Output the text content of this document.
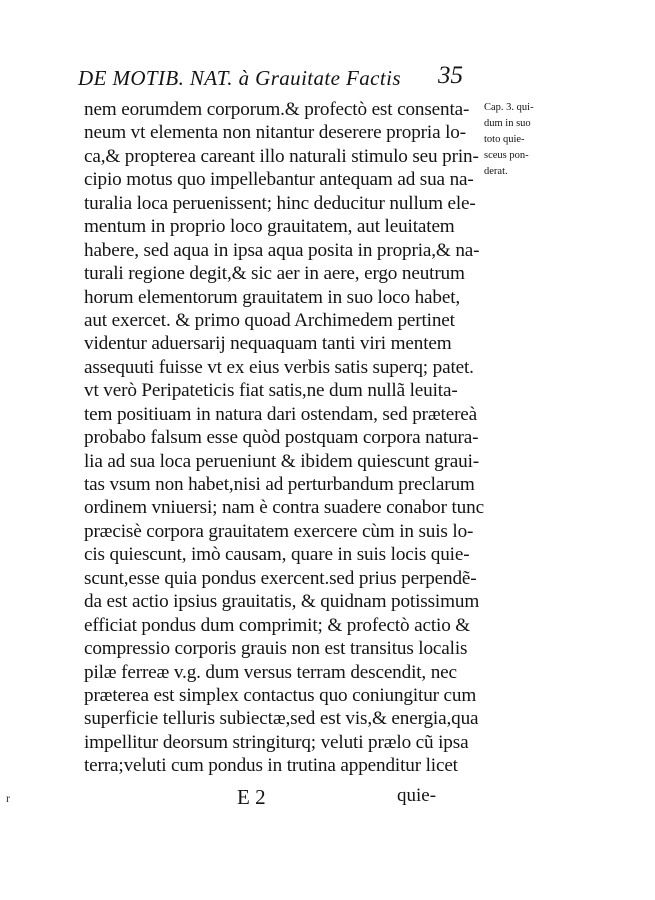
DE MOTIB. NAT. à Grauitate Factis 35
Cap. 3. qui-
dum in suo
toto quie-
sceus pon-
derat.
nem eorumdem corporum.& profectò est consenta-
neum vt elementa non nitantur deserere propria lo-
ca,& propterea careant illo naturali stimulo seu prin-
cipio motus quo impellebantur antequam ad sua na-
turalia loca peruenissent; hinc deducitur nullum ele-
mentum in proprio loco grauitatem, aut leuitatem
habere, sed aqua in ipsa aqua posita in propria,& na-
turali regione degit,& sic aer in aere, ergo neutrum
horum elementorum grauitatem in suo loco habet,
aut exercet. & primo quoad Archimedem pertinet
videntur aduersarij nequaquam tanti viri mentem
assequuti fuisse vt ex eius verbis satis superq; patet.
vt verò Peripateticis fiat satis,ne dum nullã leuita-
tem positiuam in natura dari ostendam, sed prætereà
probabo falsum esse quòd postquam corpora natura-
lia ad sua loca perueniunt & ibidem quiescunt graui-
tas vsum non habet,nisi ad perturbandum preclarum
ordinem vniuersi; nam è contra suadere conabor tunc
præcisè corpora grauitatem exercere cùm in suis lo-
cis quiescunt, imò causam, quare in suis locis quie-
scunt,esse quia pondus exercent.sed prius perpendẽ-
da est actio ipsius grauitatis, & quidnam potissimum
efficiat pondus dum comprimit; & profectò actio &
compressio corporis grauis non est transitus localis
pilæ ferreæ v.g. dum versus terram descendit, nec
præterea est simplex contactus quo coniungitur cum
superficie telluris subiectæ,sed est vis,& energia,qua
impellitur deorsum stringiturq; veluti prælo cũ ipsa
terra;veluti cum pondus in trutina appenditur licet
r	E 2	quie-
